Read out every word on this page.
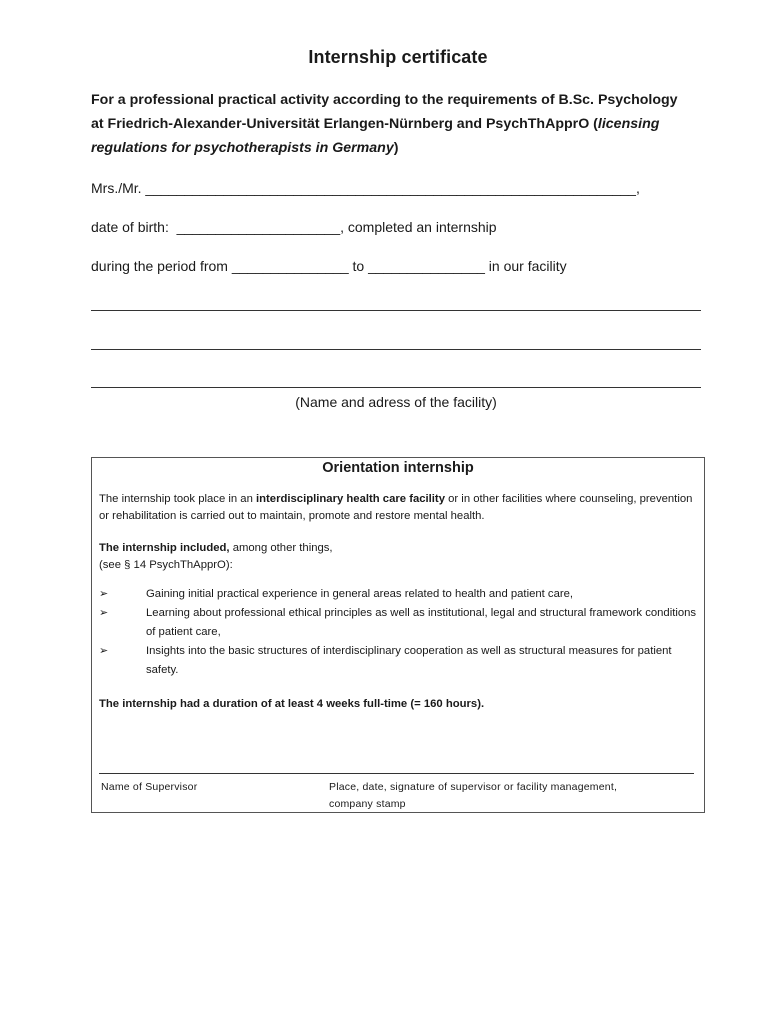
Internship certificate
For a professional practical activity according to the requirements of B.Sc. Psychology at Friedrich-Alexander-Universität Erlangen-Nürnberg and PsychThApprO (licensing regulations for psychotherapists in Germany)
Mrs./Mr. _______________________________________________________________,
date of birth:  _____________________, completed an internship
during the period from _______________ to _______________ in our facility
(Name and adress of the facility)
Orientation internship
The internship took place in an interdisciplinary health care facility or in other facilities where counseling, prevention or rehabilitation is carried out to maintain, promote and restore mental health.
The internship included, among other things,
(see § 14 PsychThApprO):
➢	Gaining initial practical experience in general areas related to health and patient care,
➢	Learning about professional ethical principles as well as institutional, legal and structural framework conditions of patient care,
➢	Insights into the basic structures of interdisciplinary cooperation as well as structural measures for patient safety.
The internship had a duration of at least 4 weeks full-time (= 160 hours).
Name of Supervisor	Place, date, signature of supervisor or facility management, company stamp
